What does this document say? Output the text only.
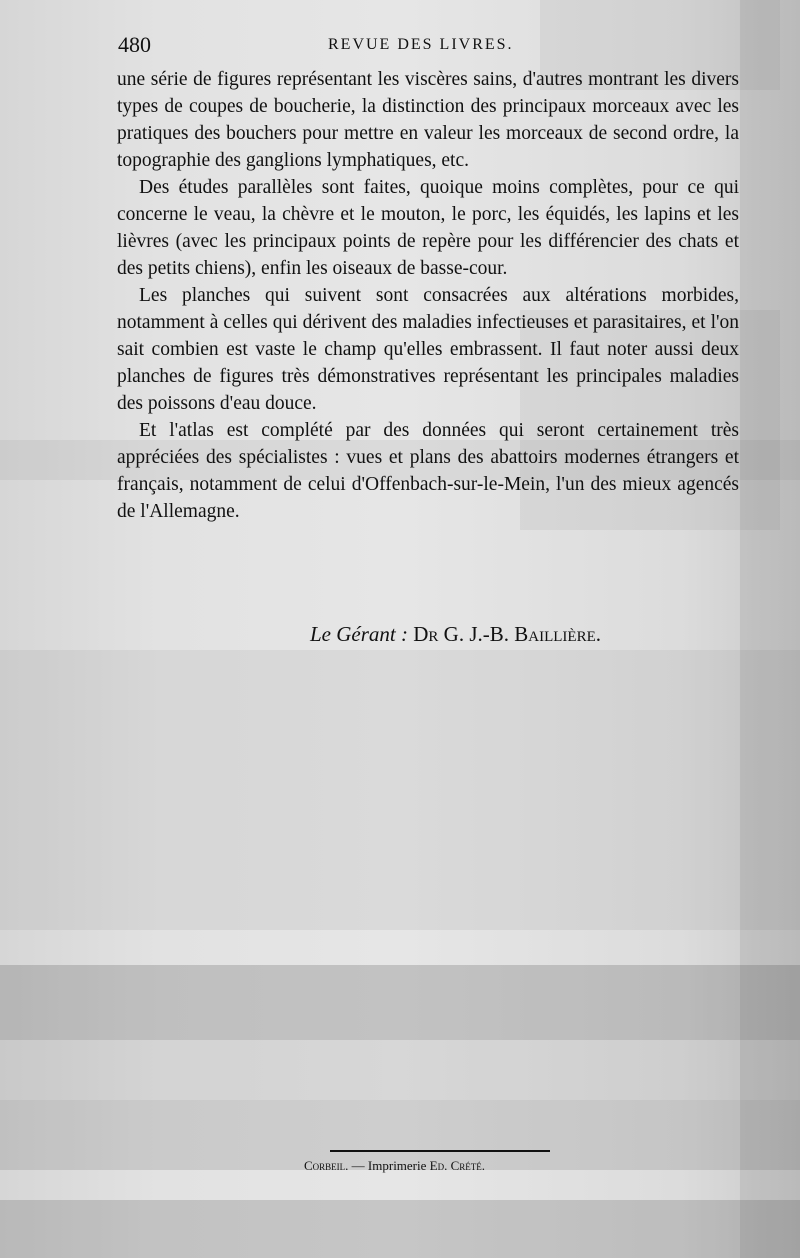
480	REVUE DES LIVRES.

une série de figures représentant les viscères sains, d'autres montrant les divers types de coupes de boucherie, la distinction des principaux morceaux avec les pratiques des bouchers pour mettre en valeur les morceaux de second ordre, la topographie des ganglions lymphatiques, etc.

Des études parallèles sont faites, quoique moins complètes, pour ce qui concerne le veau, la chèvre et le mouton, le porc, les équidés, les lapins et les lièvres (avec les principaux points de repère pour les différencier des chats et des petits chiens), enfin les oiseaux de basse-cour.

Les planches qui suivent sont consacrées aux altérations morbides, notamment à celles qui dérivent des maladies infectieuses et parasitaires, et l'on sait combien est vaste le champ qu'elles embrassent. Il faut noter aussi deux planches de figures très démonstratives représentant les principales maladies des poissons d'eau douce.

Et l'atlas est complété par des données qui seront certainement très appréciées des spécialistes : vues et plans des abattoirs modernes étrangers et français, notamment de celui d'Offenbach-sur-le-Mein, l'un des mieux agencés de l'Allemagne.

Le Gérant : Dr G. J.-B. Baillière.
Corbeil. — Imprimerie Ed. Crété.
